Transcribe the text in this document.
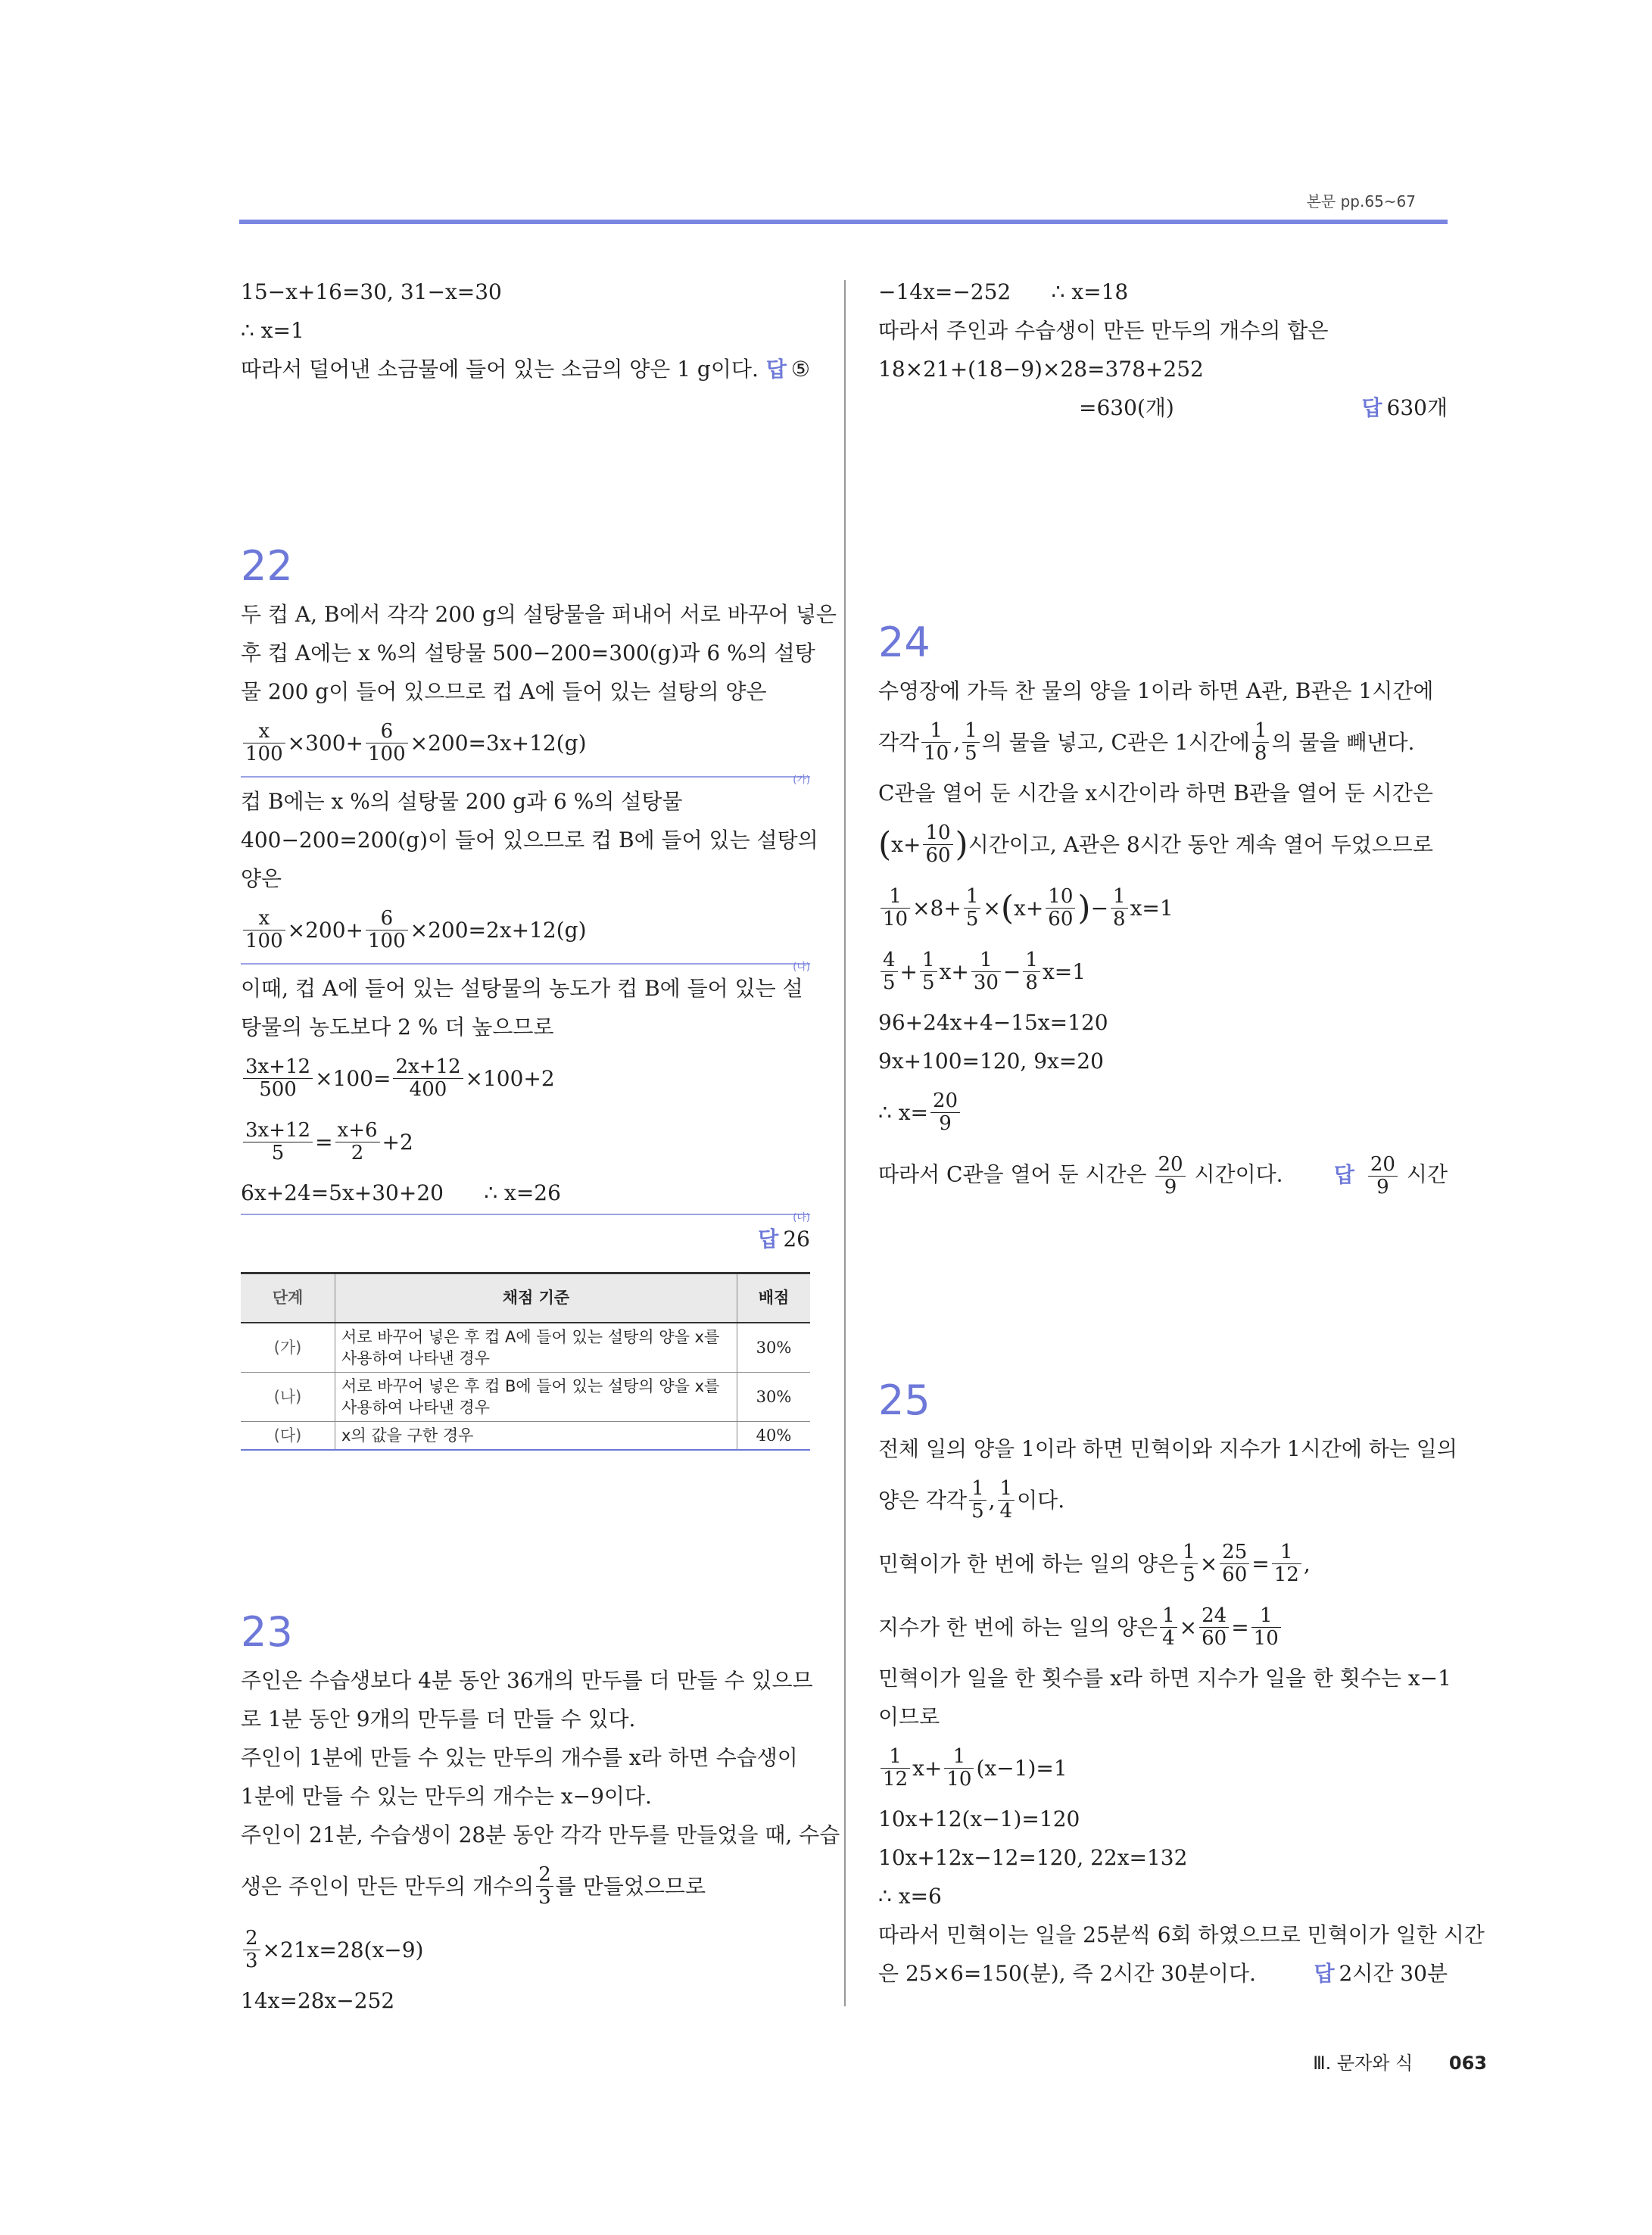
본문 pp.65~67
15−x+16=30, 31−x=30
∴ x=1
따라서 덜어낸 소금물에 들어 있는 소금의 양은 1 g이다. 답 ⑤
22
두 컵 A, B에서 각각 200 g의 설탕물을 퍼내어 서로 바꾸어 넣은
후 컵 A에는 x %의 설탕물 500−200=300(g)과 6 %의 설탕
물 200 g이 들어 있으므로 컵 A에 들어 있는 설탕의 양은
$\frac{x}{100} \times 300+ \frac{6}{100} \times 200=3x+12(g)$
(가)
컵 B에는 x %의 설탕물 200 g과 6 %의 설탕물
400−200=200(g)이 들어 있으므로 컵 B에 들어 있는 설탕의
양은
$\frac{x}{100} \times 200+ \frac{6}{100} \times 200=2x+12(g)$
(나)
이때, 컵 A에 들어 있는 설탕물의 농도가 컵 B에 들어 있는 설
탕물의 농도보다 2 % 더 높으므로
$\frac{3x+12}{500} \times 100= \frac{2x+12}{400} \times 100+2$
$\frac{3x+12}{5} = \frac{x+6}{2} +2$
6x+24=5x+30+20      ∴ x=26
(다)
답 26
단계	채점 기준	배점
(가)	서로 바꾸어 넣은 후 컵 A에 들어 있는 설탕의 양을 x를 사용하여 나타낸 경우	30%
(나)	서로 바꾸어 넣은 후 컵 B에 들어 있는 설탕의 양을 x를 사용하여 나타낸 경우	30%
(다)	x의 값을 구한 경우	40%
23
주인은 수습생보다 4분 동안 36개의 만두를 더 만들 수 있으므
로 1분 동안 9개의 만두를 더 만들 수 있다.
주인이 1분에 만들 수 있는 만두의 개수를 x라 하면 수습생이
1분에 만들 수 있는 만두의 개수는 x−9이다.
주인이 21분, 수습생이 28분 동안 각각 만두를 만들었을 때, 수습
생은 주인이 만든 만두의 개수의 $\frac{2}{3}$ 를 만들었으므로
$\frac{2}{3} \times 21x=28(x-9)$
14x=28x−252
−14x=−252      ∴ x=18
따라서 주인과 수습생이 만든 만두의 개수의 합은
18×21+(18−9)×28=378+252
=630(개)	답 630개
24
수영장에 가득 찬 물의 양을 1이라 하면 A관, B관은 1시간에
각각 $\frac{1}{10}$ , $\frac{1}{5}$ 의 물을 넣고, C관은 1시간에 $\frac{1}{8}$ 의 물을 빼낸다.
C관을 열어 둔 시간을 x시간이라 하면 B관을 열어 둔 시간은
( $x+ \frac{10}{60}$ ) 시간이고, A관은 8시간 동안 계속 열어 두었으므로
$\frac{1}{10} \times 8+ \frac{1}{5}$ × ( $x+ \frac{10}{60}$ ) − $\frac{1}{8} x=1$
$\frac{4}{5} + \frac{1}{5} x+ \frac{1}{30} - \frac{1}{8} x=1$
96+24x+4−15x=120
9x+100=120, 9x=20
∴ $x= \frac{20}{9}$
따라서 C관을 열어 둔 시간은 $\frac{20}{9}$ 시간이다. 답 $\frac{20}{9}$ 시간
25
전체 일의 양을 1이라 하면 민혁이와 지수가 1시간에 하는 일의
양은 각각 $\frac{1}{5}$ , $\frac{1}{4}$ 이다.
민혁이가 한 번에 하는 일의 양은 $\frac{1}{5} \times \frac{25}{60} = \frac{1}{12}$ ,
지수가 한 번에 하는 일의 양은 $\frac{1}{4} \times \frac{24}{60} = \frac{1}{10}$
민혁이가 일을 한 횟수를 x라 하면 지수가 일을 한 횟수는 x−1
이므로
$\frac{1}{12} x+ \frac{1}{10} (x-1)=1$
10x+12(x−1)=120
10x+12x−12=120, 22x=132
∴ x=6
따라서 민혁이는 일을 25분씩 6회 하였으므로 민혁이가 일한 시간
은 25×6=150(분), 즉 2시간 30분이다.	답 2시간 30분
Ⅲ. 문자와 식 063
